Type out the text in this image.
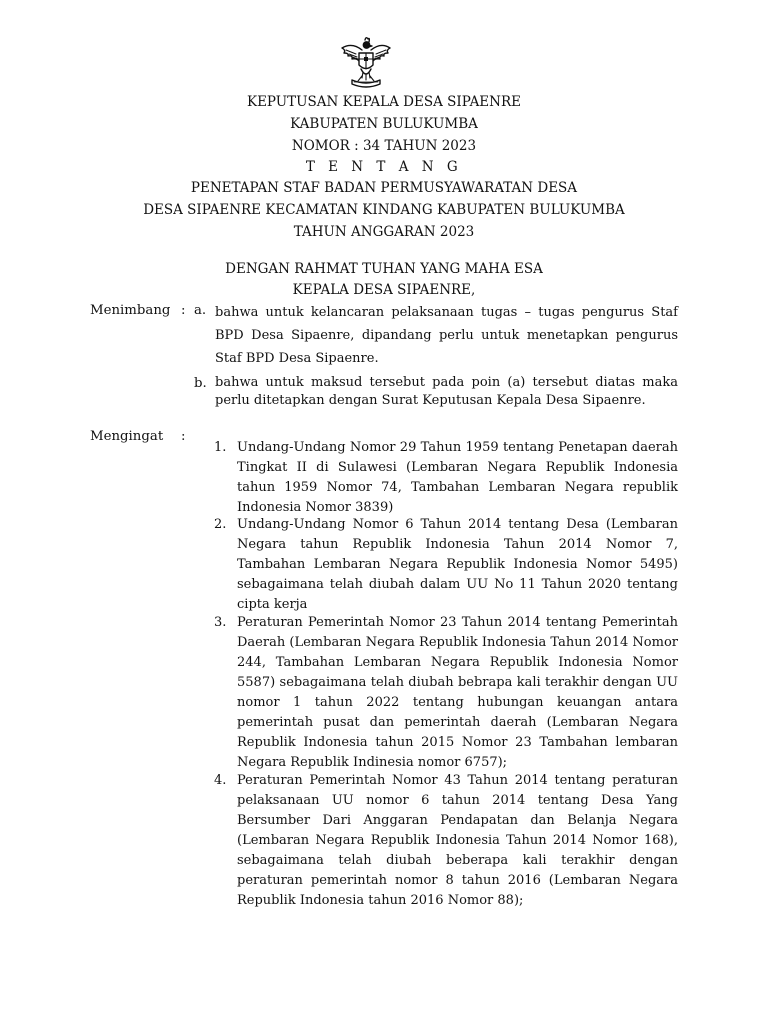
KEPUTUSAN KEPALA DESA SIPAENRE
KABUPATEN BULUKUMBA
NOMOR : 34 TAHUN 2023
T E N T A N G
PENETAPAN STAF BADAN PERMUSYAWARATAN DESA
DESA SIPAENRE KECAMATAN KINDANG KABUPATEN BULUKUMBA
TAHUN ANGGARAN 2023
DENGAN RAHMAT TUHAN YANG MAHA ESA
KEPALA DESA SIPAENRE,
Menimbang : a. bahwa untuk kelancaran pelaksanaan tugas – tugas pengurus Staf BPD Desa Sipaenre, dipandang perlu untuk menetapkan pengurus Staf BPD Desa Sipaenre.
b. bahwa untuk maksud tersebut pada poin (a) tersebut diatas maka perlu ditetapkan dengan Surat Keputusan Kepala Desa Sipaenre.
Mengingat :
1. Undang-Undang Nomor 29 Tahun 1959 tentang Penetapan daerah Tingkat II di Sulawesi (Lembaran Negara Republik Indonesia tahun 1959 Nomor 74, Tambahan Lembaran Negara republik Indonesia Nomor 3839)
2. Undang-Undang Nomor 6 Tahun 2014 tentang Desa (Lembaran Negara tahun Republik Indonesia Tahun 2014 Nomor 7, Tambahan Lembaran Negara Republik Indonesia Nomor 5495) sebagaimana telah diubah dalam UU No 11 Tahun 2020 tentang cipta kerja
3. Peraturan Pemerintah Nomor 23 Tahun 2014 tentang Pemerintah Daerah (Lembaran Negara Republik Indonesia Tahun 2014 Nomor 244, Tambahan Lembaran Negara Republik Indonesia Nomor 5587) sebagaimana telah diubah bebrapa kali terakhir dengan UU nomor 1 tahun 2022 tentang hubungan keuangan antara pemerintah pusat dan pemerintah daerah (Lembaran Negara Republik Indonesia tahun 2015 Nomor 23 Tambahan lembaran Negara Republik Indinesia nomor 6757);
4. Peraturan Pemerintah Nomor 43 Tahun 2014 tentang peraturan pelaksanaan UU nomor 6 tahun 2014 tentang Desa Yang Bersumber Dari Anggaran Pendapatan dan Belanja Negara (Lembaran Negara Republik Indonesia Tahun 2014 Nomor 168), sebagaimana telah diubah beberapa kali terakhir dengan peraturan pemerintah nomor 8 tahun 2016 (Lembaran Negara Republik Indonesia tahun 2016 Nomor 88);
